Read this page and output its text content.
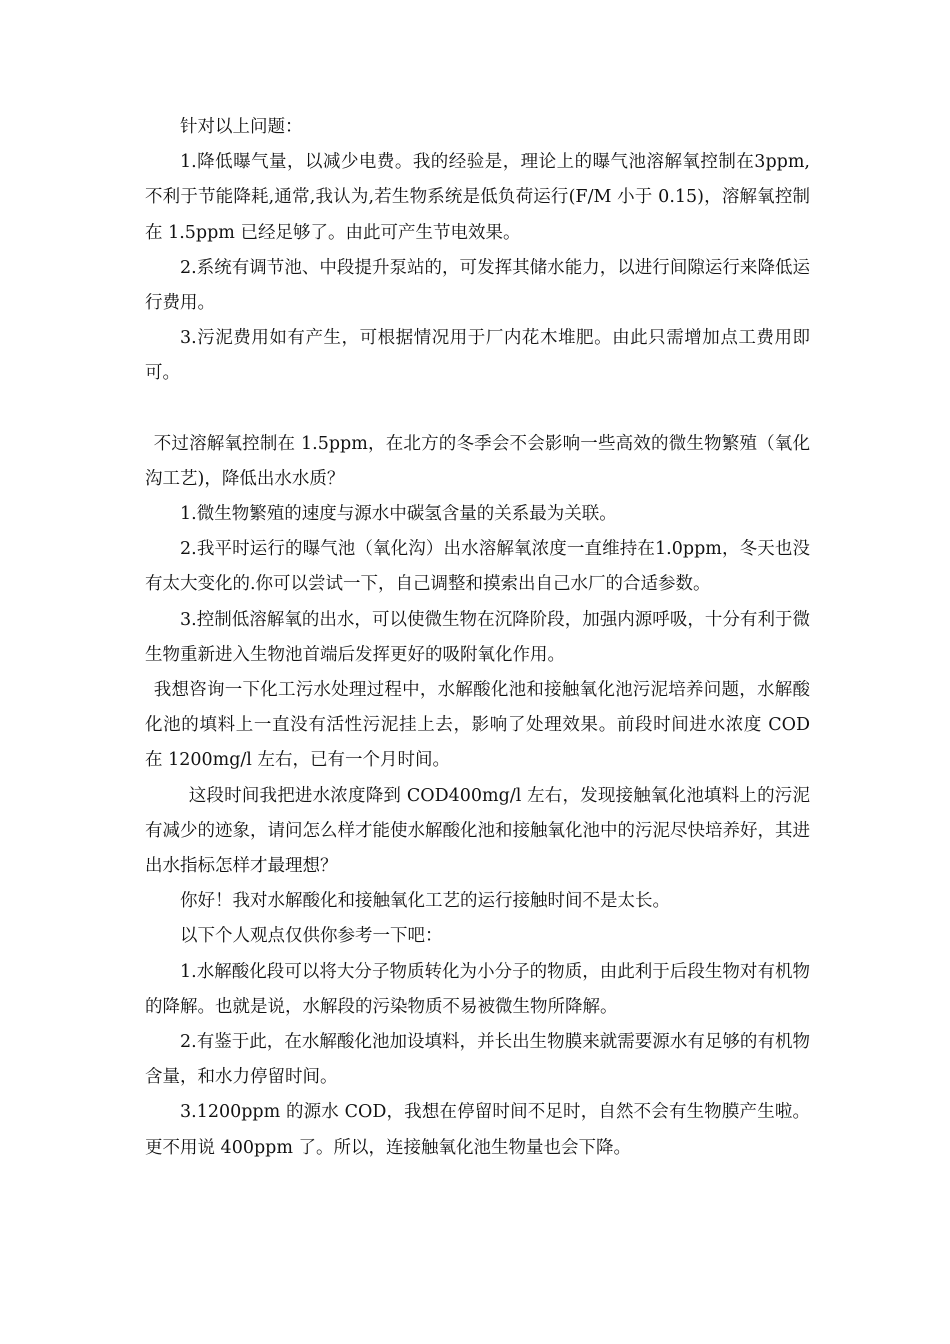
针对以上问题：

1.降低曝气量，以减少电费。我的经验是，理论上的曝气池溶解氧控制在3ppm,不利于节能降耗,通常,我认为,若生物系统是低负荷运行(F/M 小于 0.15)，溶解氧控制在 1.5ppm 已经足够了。由此可产生节电效果。

2.系统有调节池、中段提升泵站的，可发挥其储水能力，以进行间隙运行来降低运行费用。

3.污泥费用如有产生，可根据情况用于厂内花木堆肥。由此只需增加点工费用即可。

不过溶解氧控制在 1.5ppm，在北方的冬季会不会影响一些高效的微生物繁殖（氧化沟工艺)，降低出水水质？

1.微生物繁殖的速度与源水中碳氢含量的关系最为关联。

2.我平时运行的曝气池（氧化沟）出水溶解氧浓度一直维持在1.0ppm，冬天也没有太大变化的.你可以尝试一下，自己调整和摸索出自己水厂的合适参数。

3.控制低溶解氧的出水，可以使微生物在沉降阶段，加强内源呼吸，十分有利于微生物重新进入生物池首端后发挥更好的吸附氧化作用。

我想咨询一下化工污水处理过程中，水解酸化池和接触氧化池污泥培养问题，水解酸化池的填料上一直没有活性污泥挂上去，影响了处理效果。前段时间进水浓度 COD 在 1200mg/l 左右，已有一个月时间。

这段时间我把进水浓度降到 COD400mg/l 左右，发现接触氧化池填料上的污泥有减少的迹象，请问怎么样才能使水解酸化池和接触氧化池中的污泥尽快培养好，其进出水指标怎样才最理想？

你好！我对水解酸化和接触氧化工艺的运行接触时间不是太长。

以下个人观点仅供你参考一下吧：

1.水解酸化段可以将大分子物质转化为小分子的物质，由此利于后段生物对有机物的降解。也就是说，水解段的污染物质不易被微生物所降解。

2.有鉴于此，在水解酸化池加设填料，并长出生物膜来就需要源水有足够的有机物含量，和水力停留时间。

3.1200ppm 的源水 COD，我想在停留时间不足时，自然不会有生物膜产生啦。更不用说 400ppm 了。所以，连接触氧化池生物量也会下降。
